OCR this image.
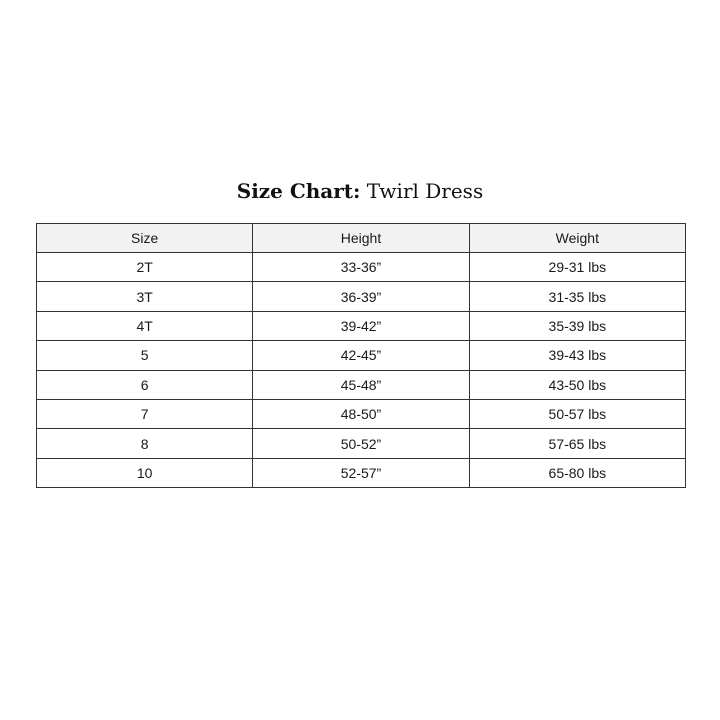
Size Chart: Twirl Dress
Size	Height	Weight
2T	33-36”	29-31 lbs
3T	36-39”	31-35 lbs
4T	39-42”	35-39 lbs
5	42-45”	39-43 lbs
6	45-48”	43-50 lbs
7	48-50”	50-57 lbs
8	50-52”	57-65 lbs
10	52-57”	65-80 lbs
